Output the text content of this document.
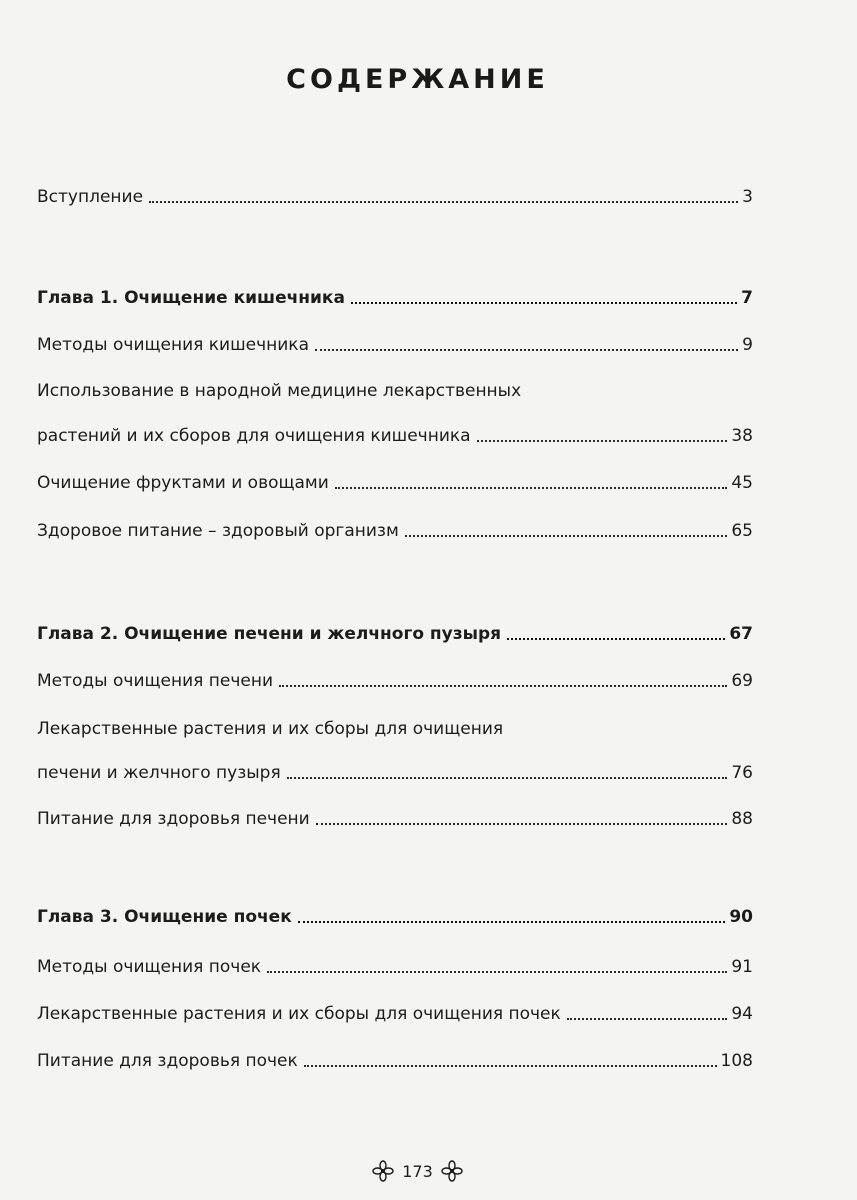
СОДЕРЖАНИЕ
Вступление	3
Глава 1. Очищение кишечника	7
Методы очищения кишечника	9
Использование в народной медицине лекарственных
растений и их сборов для очищения кишечника	38
Очищение фруктами и овощами	45
Здоровое питание – здоровый организм	65
Глава 2. Очищение печени и желчного пузыря	67
Методы очищения печени	69
Лекарственные растения и их сборы для очищения
печени и желчного пузыря	76
Питание для здоровья печени	88
Глава 3. Очищение почек	90
Методы очищения почек	91
Лекарственные растения и их сборы для очищения почек	94
Питание для здоровья почек	108
173
